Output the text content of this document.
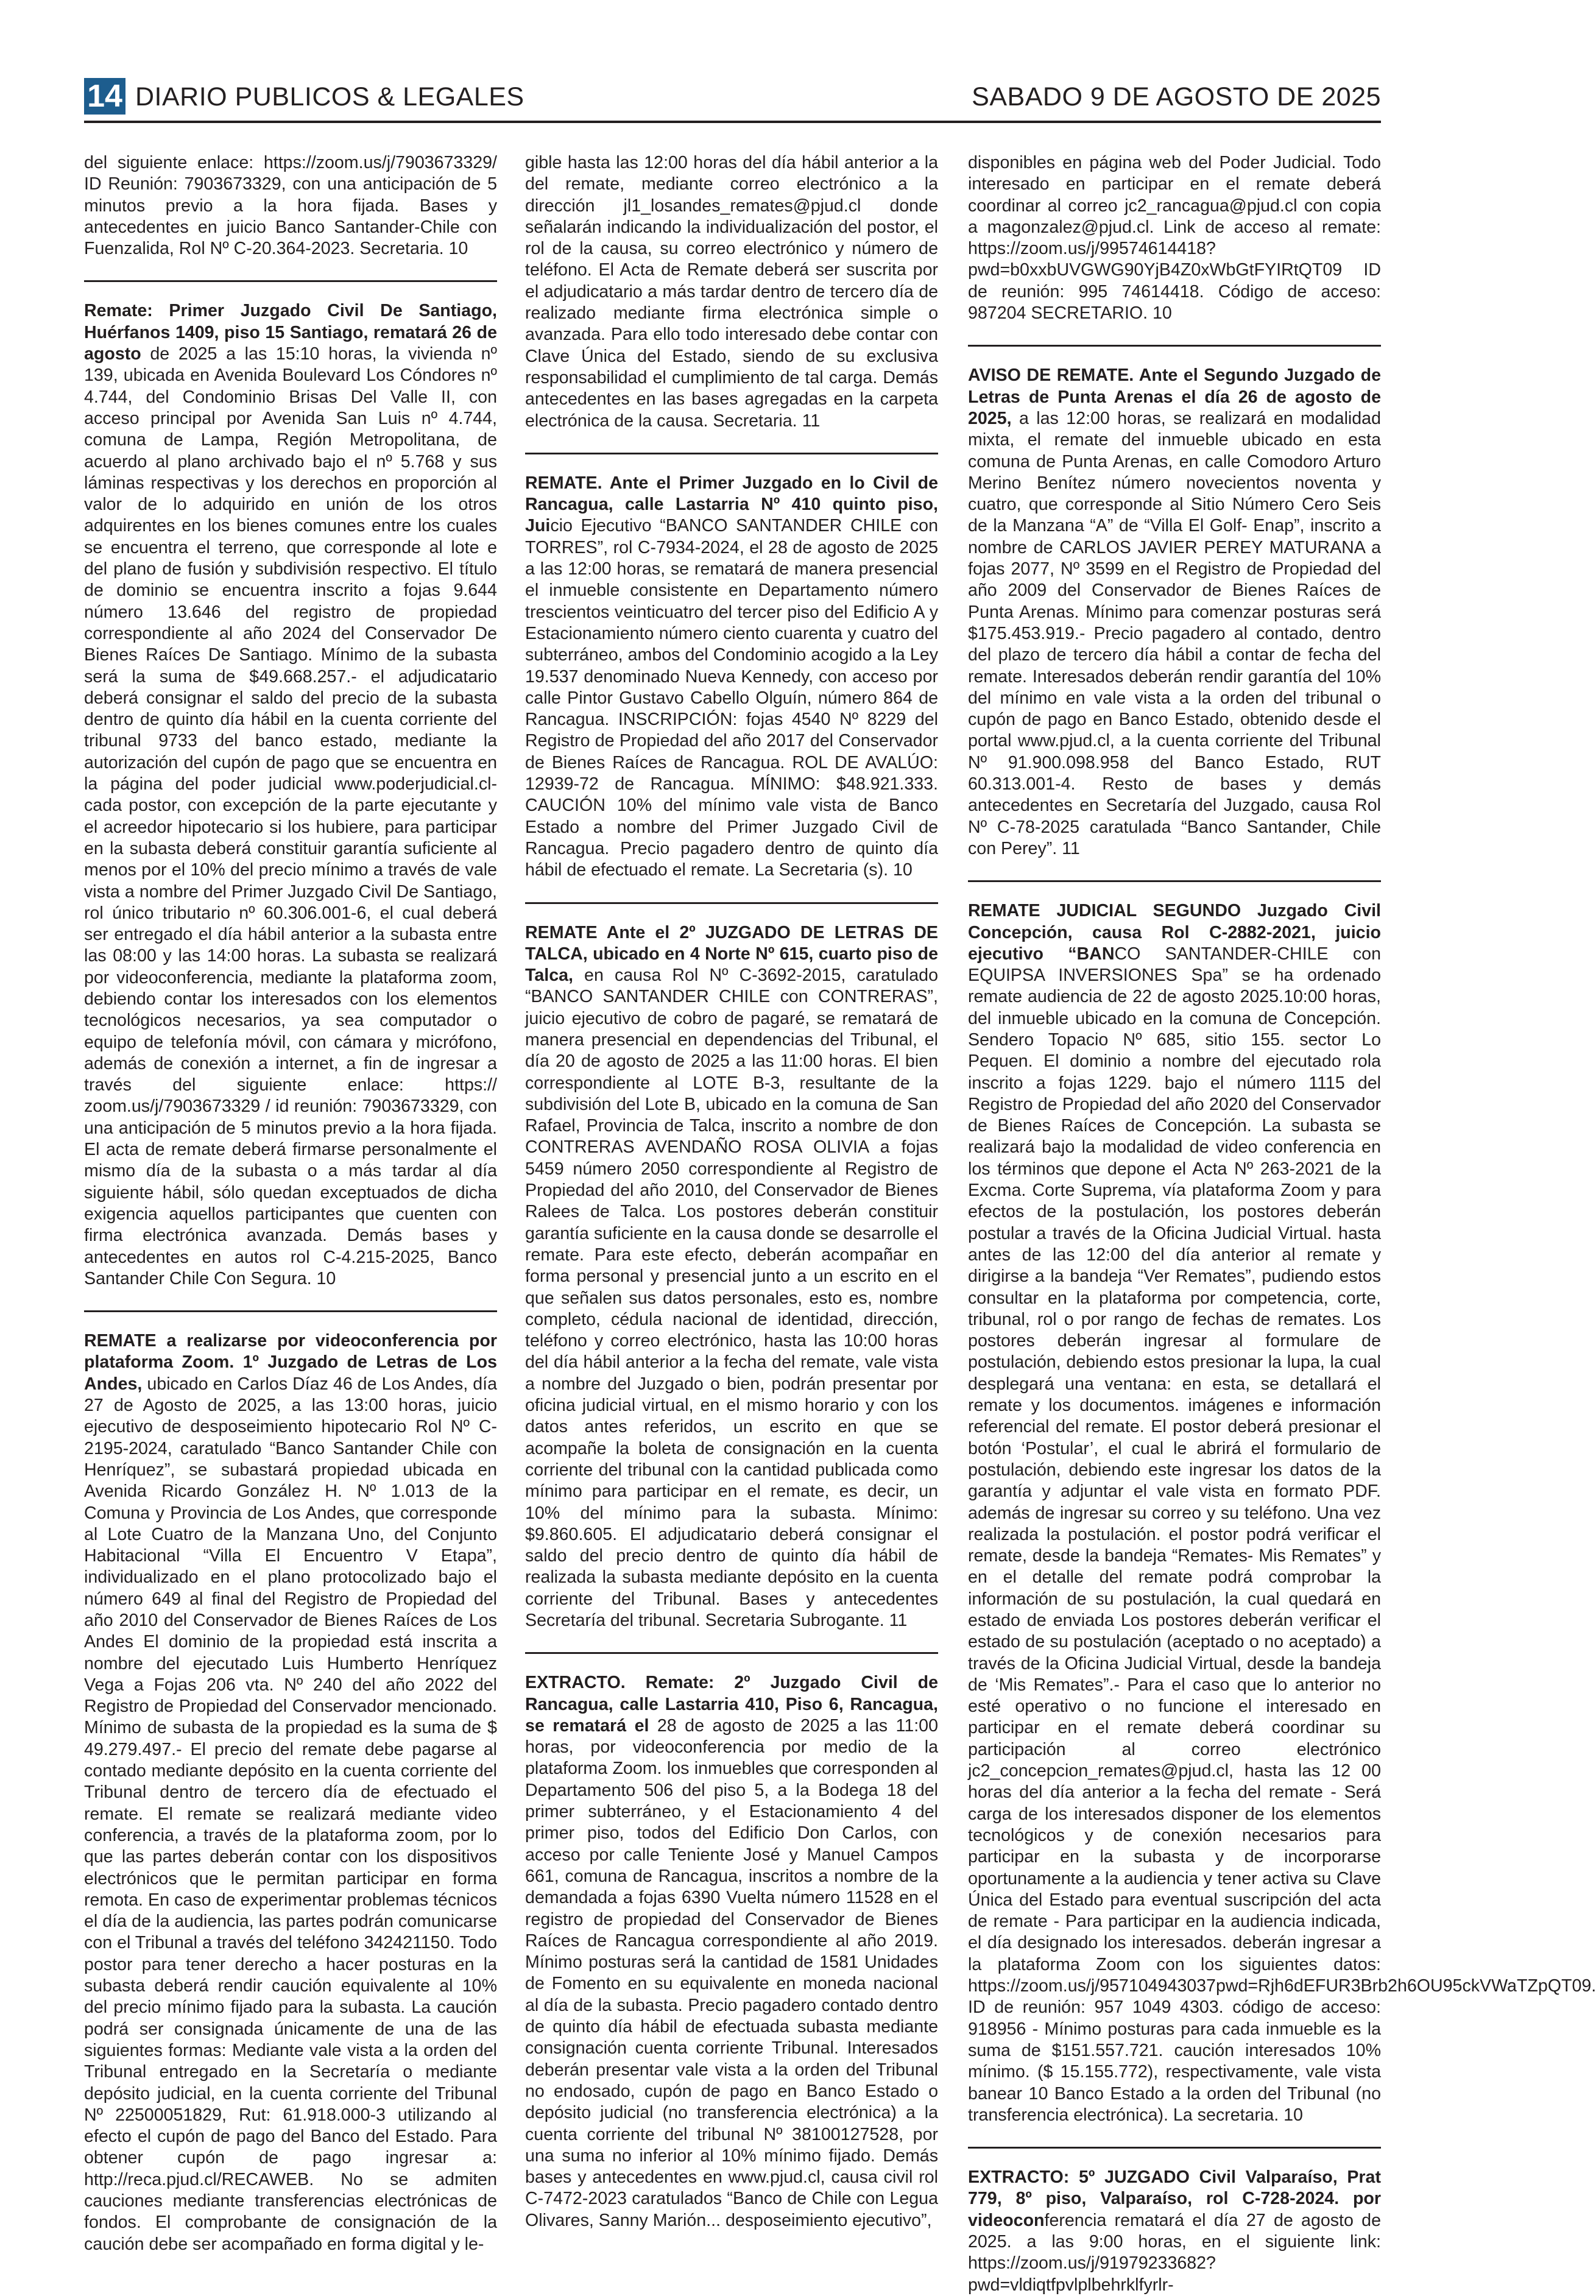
14 DIARIO PUBLICOS & LEGALES	SABADO 9 DE AGOSTO DE 2025

del siguiente enlace: https://zoom.us/j/7903673329/ ID Reunión: 7903673329, con una anticipación de 5 minutos previo a la hora fijada. Bases y antecedentes en juicio Banco Santander-Chile con Fuenzalida, Rol Nº C-20.364-2023. Secretaria. 10

Remate: Primer Juzgado Civil De Santiago, Huérfanos 1409, piso 15 Santiago, rematará 26 de agosto de 2025 a las 15:10 horas, la vivienda nº 139, ubicada en Avenida Boulevard Los Cóndores nº 4.744, del Condominio Brisas Del Valle II, con acceso principal por Avenida San Luis nº 4.744, comuna de Lampa, Región Metropolitana, de acuerdo al plano archivado bajo el nº 5.768 y sus láminas respectivas y los derechos en proporción al valor de lo adquirido en unión de los otros adquirentes en los bienes comunes entre los cuales se encuentra el terreno, que corresponde al lote e del plano de fusión y subdivisión respectivo. El título de dominio se encuentra inscrito a fojas 9.644 número 13.646 del registro de propiedad correspondiente al año 2024 del Conservador De Bienes Raíces De Santiago. Mínimo de la subasta será la suma de $49.668.257.- el adjudicatario deberá consignar el saldo del precio de la subasta dentro de quinto día hábil en la cuenta corriente del tribunal 9733 del banco estado, mediante la autorización del cupón de pago que se encuentra en la página del poder judicial www.poderjudicial.cl- cada postor, con excepción de la parte ejecutante y el acreedor hipotecario si los hubiere, para participar en la subasta deberá constituir garantía suficiente al menos por el 10% del precio mínimo a través de vale vista a nombre del Primer Juzgado Civil De Santiago, rol único tributario nº 60.306.001-6, el cual deberá ser entregado el día hábil anterior a la subasta entre las 08:00 y las 14:00 horas. La subasta se realizará por videoconferencia, mediante la plataforma zoom, debiendo contar los interesados con los elementos tecnológicos necesarios, ya sea computador o equipo de telefonía móvil, con cámara y micrófono, además de conexión a internet, a fin de ingresar a través del siguiente enlace: https:// zoom.us/j/7903673329 / id reunión: 7903673329, con una anticipación de 5 minutos previo a la hora fijada. El acta de remate deberá firmarse personalmente el mismo día de la subasta o a más tardar al día siguiente hábil, sólo quedan exceptuados de dicha exigencia aquellos participantes que cuenten con firma electrónica avanzada. Demás bases y antecedentes en autos rol C-4.215-2025, Banco Santander Chile Con Segura. 10

REMATE a realizarse por videoconferencia por plataforma Zoom. 1º Juzgado de Letras de Los Andes, ubicado en Carlos Díaz 46 de Los Andes, día 27 de Agosto de 2025, a las 13:00 horas, juicio ejecutivo de desposeimiento hipotecario Rol Nº C-2195-2024, caratulado “Banco Santander Chile con Henríquez”, se subastará propiedad ubicada en Avenida Ricardo González H. Nº 1.013 de la Comuna y Provincia de Los Andes, que corresponde al Lote Cuatro de la Manzana Uno, del Conjunto Habitacional “Villa El Encuentro V Etapa”, individualizado en el plano protocolizado bajo el número 649 al final del Registro de Propiedad del año 2010 del Conservador de Bienes Raíces de Los Andes El dominio de la propiedad está inscrita a nombre del ejecutado Luis Humberto Henríquez Vega a Fojas 206 vta. Nº 240 del año 2022 del Registro de Propiedad del Conservador mencionado. Mínimo de subasta de la propiedad es la suma de $ 49.279.497.- El precio del remate debe pagarse al contado mediante depósito en la cuenta corriente del Tribunal dentro de tercero día de efectuado el remate. El remate se realizará mediante video conferencia, a través de la plataforma zoom, por lo que las partes deberán contar con los dispositivos electrónicos que le permitan participar en forma remota. En caso de experimentar problemas técnicos el día de la audiencia, las partes podrán comunicarse con el Tribunal a través del teléfono 342421150. Todo postor para tener derecho a hacer posturas en la subasta deberá rendir caución equivalente al 10% del precio mínimo fijado para la subasta. La caución podrá ser consignada únicamente de una de las siguientes formas: Mediante vale vista a la orden del Tribunal entregado en la Secretaría o mediante depósito judicial, en la cuenta corriente del Tribunal Nº 22500051829, Rut: 61.918.000-3 utilizando al efecto el cupón de pago del Banco del Estado. Para obtener cupón de pago ingresar a: http://reca.pjud.cl/RECAWEB. No se admiten cauciones mediante transferencias electrónicas de fondos. El comprobante de consignación de la caución debe ser acompañado en forma digital y le-

gible hasta las 12:00 horas del día hábil anterior a la del remate, mediante correo electrónico a la dirección jl1_losandes_remates@pjud.cl donde señalarán indicando la individualización del postor, el rol de la causa, su correo electrónico y número de teléfono. El Acta de Remate deberá ser suscrita por el adjudicatario a más tardar dentro de tercero día de realizado mediante firma electrónica simple o avanzada. Para ello todo interesado debe contar con Clave Única del Estado, siendo de su exclusiva responsabilidad el cumplimiento de tal carga. Demás antecedentes en las bases agregadas en la carpeta electrónica de la causa. Secretaria. 11

REMATE. Ante el Primer Juzgado en lo Civil de Rancagua, calle Lastarria Nº 410 quinto piso, Juicio Ejecutivo “BANCO SANTANDER CHILE con TORRES”, rol C-7934-2024, el 28 de agosto de 2025 a las 12:00 horas, se rematará de manera presencial el inmueble consistente en Departamento número trescientos veinticuatro del tercer piso del Edificio A y Estacionamiento número ciento cuarenta y cuatro del subterráneo, ambos del Condominio acogido a la Ley 19.537 denominado Nueva Kennedy, con acceso por calle Pintor Gustavo Cabello Olguín, número 864 de Rancagua. INSCRIPCIÓN: fojas 4540 Nº 8229 del Registro de Propiedad del año 2017 del Conservador de Bienes Raíces de Rancagua. ROL DE AVALÚO: 12939-72 de Rancagua. MÍNIMO: $48.921.333. CAUCIÓN 10% del mínimo vale vista de Banco Estado a nombre del Primer Juzgado Civil de Rancagua. Precio pagadero dentro de quinto día hábil de efectuado el remate. La Secretaria (s). 10

REMATE Ante el 2º JUZGADO DE LETRAS DE TALCA, ubicado en 4 Norte Nº 615, cuarto piso de Talca, en causa Rol Nº C-3692-2015, caratulado “BANCO SANTANDER CHILE con CONTRERAS”, juicio ejecutivo de cobro de pagaré, se rematará de manera presencial en dependencias del Tribunal, el día 20 de agosto de 2025 a las 11:00 horas. El bien correspondiente al LOTE B-3, resultante de la subdivisión del Lote B, ubicado en la comuna de San Rafael, Provincia de Talca, inscrito a nombre de don CONTRERAS AVENDAÑO ROSA OLIVIA a fojas 5459 número 2050 correspondiente al Registro de Propiedad del año 2010, del Conservador de Bienes Ralees de Talca. Los postores deberán constituir garantía suficiente en la causa donde se desarrolle el remate. Para este efecto, deberán acompañar en forma personal y presencial junto a un escrito en el que señalen sus datos personales, esto es, nombre completo, cédula nacional de identidad, dirección, teléfono y correo electrónico, hasta las 10:00 horas del día hábil anterior a la fecha del remate, vale vista a nombre del Juzgado o bien, podrán presentar por oficina judicial virtual, en el mismo horario y con los datos antes referidos, un escrito en que se acompañe la boleta de consignación en la cuenta corriente del tribunal con la cantidad publicada como mínimo para participar en el remate, es decir, un 10% del mínimo para la subasta. Mínimo: $9.860.605. El adjudicatario deberá consignar el saldo del precio dentro de quinto día hábil de realizada la subasta mediante depósito en la cuenta corriente del Tribunal. Bases y antecedentes Secretaría del tribunal. Secretaria Subrogante. 11

EXTRACTO. Remate: 2º Juzgado Civil de Rancagua, calle Lastarria 410, Piso 6, Rancagua, se rematará el 28 de agosto de 2025 a las 11:00 horas, por videoconferencia por medio de la plataforma Zoom. los inmuebles que corresponden al Departamento 506 del piso 5, a la Bodega 18 del primer subterráneo, y el Estacionamiento 4 del primer piso, todos del Edificio Don Carlos, con acceso por calle Teniente José y Manuel Campos 661, comuna de Rancagua, inscritos a nombre de la demandada a fojas 6390 Vuelta número 11528 en el registro de propiedad del Conservador de Bienes Raíces de Rancagua correspondiente al año 2019. Mínimo posturas será la cantidad de 1581 Unidades de Fomento en su equivalente en moneda nacional al día de la subasta. Precio pagadero contado dentro de quinto día hábil de efectuada subasta mediante consignación cuenta corriente Tribunal. Interesados deberán presentar vale vista a la orden del Tribunal no endosado, cupón de pago en Banco Estado o depósito judicial (no transferencia electrónica) a la cuenta corriente del tribunal Nº 38100127528, por una suma no inferior al 10% mínimo fijado. Demás bases y antecedentes en www.pjud.cl, causa civil rol C-7472-2023 caratulados “Banco de Chile con Legua Olivares, Sanny Marión... desposeimiento ejecutivo”,

disponibles en página web del Poder Judicial. Todo interesado en participar en el remate deberá coordinar al correo jc2_rancagua@pjud.cl con copia a magonzalez@pjud.cl. Link de acceso al remate: https://zoom.us/j/99574614418?pwd=b0xxbUVGWG90YjB4Z0xWbGtFYIRtQT09 ID de reunión: 995 74614418. Código de acceso: 987204 SECRETARIO. 10

AVISO DE REMATE. Ante el Segundo Juzgado de Letras de Punta Arenas el día 26 de agosto de 2025, a las 12:00 horas, se realizará en modalidad mixta, el remate del inmueble ubicado en esta comuna de Punta Arenas, en calle Comodoro Arturo Merino Benítez número novecientos noventa y cuatro, que corresponde al Sitio Número Cero Seis de la Manzana “A” de “Villa El Golf- Enap”, inscrito a nombre de CARLOS JAVIER PEREY MATURANA a fojas 2077, Nº 3599 en el Registro de Propiedad del año 2009 del Conservador de Bienes Raíces de Punta Arenas. Mínimo para comenzar posturas será $175.453.919.- Precio pagadero al contado, dentro del plazo de tercero día hábil a contar de fecha del remate. Interesados deberán rendir garantía del 10% del mínimo en vale vista a la orden del tribunal o cupón de pago en Banco Estado, obtenido desde el portal www.pjud.cl, a la cuenta corriente del Tribunal Nº 91.900.098.958 del Banco Estado, RUT 60.313.001-4. Resto de bases y demás antecedentes en Secretaría del Juzgado, causa Rol Nº C-78-2025 caratulada “Banco Santander, Chile con Perey”. 11

REMATE JUDICIAL SEGUNDO Juzgado Civil Concepción, causa Rol C-2882-2021, juicio ejecutivo “BANCO SANTANDER-CHILE con EQUIPSA INVERSIONES Spa” se ha ordenado remate audiencia de 22 de agosto 2025.10:00 horas, del inmueble ubicado en la comuna de Concepción. Sendero Topacio Nº 685, sitio 155. sector Lo Pequen. El dominio a nombre del ejecutado rola inscrito a fojas 1229. bajo el número 1115 del Registro de Propiedad del año 2020 del Conservador de Bienes Raíces de Concepción. La subasta se realizará bajo la modalidad de video conferencia en los términos que depone el Acta Nº 263-2021 de la Excma. Corte Suprema, vía plataforma Zoom y para efectos de la postulación, los postores deberán postular a través de la Oficina Judicial Virtual. hasta antes de las 12:00 del día anterior al remate y dirigirse a la bandeja “Ver Remates”, pudiendo estos consultar en la plataforma por competencia, corte, tribunal, rol o por rango de fechas de remates. Los postores deberán ingresar al formulare de postulación, debiendo estos presionar la lupa, la cual desplegará una ventana: en esta, se detallará el remate y los documentos. imágenes e información referencial del remate. El postor deberá presionar el botón ‘Postular’, el cual le abrirá el formulario de postulación, debiendo este ingresar los datos de la garantía y adjuntar el vale vista en formato PDF. además de ingresar su correo y su teléfono. Una vez realizada la postulación. el postor podrá verificar el remate, desde la bandeja “Remates- Mis Remates” y en el detalle del remate podrá comprobar la información de su postulación, la cual quedará en estado de enviada Los postores deberán verificar el estado de su postulación (aceptado o no aceptado) a través de la Oficina Judicial Virtual, desde la bandeja de ‘Mis Remates”.- Para el caso que lo anterior no esté operativo o no funcione el interesado en participar en el remate deberá coordinar su participación al correo electrónico jc2_concepcion_remates@pjud.cl, hasta las 12 00 horas del día anterior a la fecha del remate - Será carga de los interesados disponer de los elementos tecnológicos y de conexión necesarios para participar en la subasta y de incorporarse oportunamente a la audiencia y tener activa su Clave Única del Estado para eventual suscripción del acta de remate - Para participar en la audiencia indicada, el día designado los interesados. deberán ingresar a la plataforma Zoom con los siguientes datos: https://zoom.us/j/957104943037pwd=Rjh6dEFUR3Brb2h6OU95ckVWaTZpQT09. ID de reunión: 957 1049 4303. código de acceso: 918956 - Mínimo posturas para cada inmueble es la suma de $151.557.721. caución interesados 10% mínimo. ($ 15.155.772), respectivamente, vale vista banear 10 Banco Estado a la orden del Tribunal (no transferencia electrónica). La secretaria. 10

EXTRACTO: 5º JUZGADO Civil Valparaíso, Prat 779, 8º piso, Valparaíso, rol C-728-2024. por videoconferencia rematará el día 27 de agosto de 2025. a las 9:00 horas, en el siguiente link: https://zoom.us/j/91979233682?pwd=vldiqtfpvlplbehrklfyrlr-
